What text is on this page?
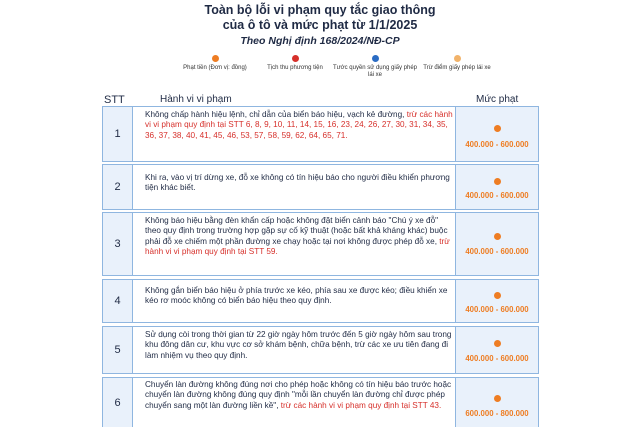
Toàn bộ lỗi vi phạm quy tắc giao thông
của ô tô và mức phạt từ 1/1/2025
Theo Nghị định 168/2024/NĐ-CP
Phạt tiền (Đơn vị: đồng)	Tịch thu phương tiện	Tước quyền sử dụng giấy phép lái xe
Trừ điểm giấy phép lái xe
STT	Hành vi vi phạm	Mức phạt
1
Không chấp hành hiệu lệnh, chỉ dẫn của biển báo hiệu, vạch kẻ đường, trừ các hành vi vi phạm quy định tại STT 6, 8, 9, 10, 11, 14, 15, 16, 23, 24, 26, 27, 30, 31, 34, 35, 36, 37, 38, 40, 41, 45, 46, 53, 57, 58, 59, 62, 64, 65, 71.
400.000 - 600.000
2
Khi ra, vào vị trí dừng xe, đỗ xe không có tín hiệu báo cho người điều khiển phương tiện khác biết.
400.000 - 600.000
3
Không báo hiệu bằng đèn khẩn cấp hoặc không đặt biển cảnh báo "Chú ý xe đỗ" theo quy định trong trường hợp gặp sự cố kỹ thuật (hoặc bất khả kháng khác) buộc phải đỗ xe chiếm một phần đường xe chạy hoặc tại nơi không được phép đỗ xe, trừ hành vi vi phạm quy định tại STT 59.	400.000 - 600.000
4
Không gắn biển báo hiệu ở phía trước xe kéo, phía sau xe được kéo; điều khiển xe kéo rơ moóc không có biển báo hiệu theo quy định.
400.000 - 600.000
5
Sử dụng còi trong thời gian từ 22 giờ ngày hôm trước đến 5 giờ ngày hôm sau trong khu đông dân cư, khu vực cơ sở khám bệnh, chữa bệnh, trừ các xe ưu tiên đang đi làm nhiệm vụ theo quy định.	400.000 - 600.000
6
Chuyển làn đường không đúng nơi cho phép hoặc không có tín hiệu báo trước hoặc chuyển làn đường không đúng quy định "mỗi lần chuyển làn đường chỉ được phép chuyển sang một làn đường liền kề", trừ các hành vi vi phạm quy định tại STT 43.
600.000 - 800.000
